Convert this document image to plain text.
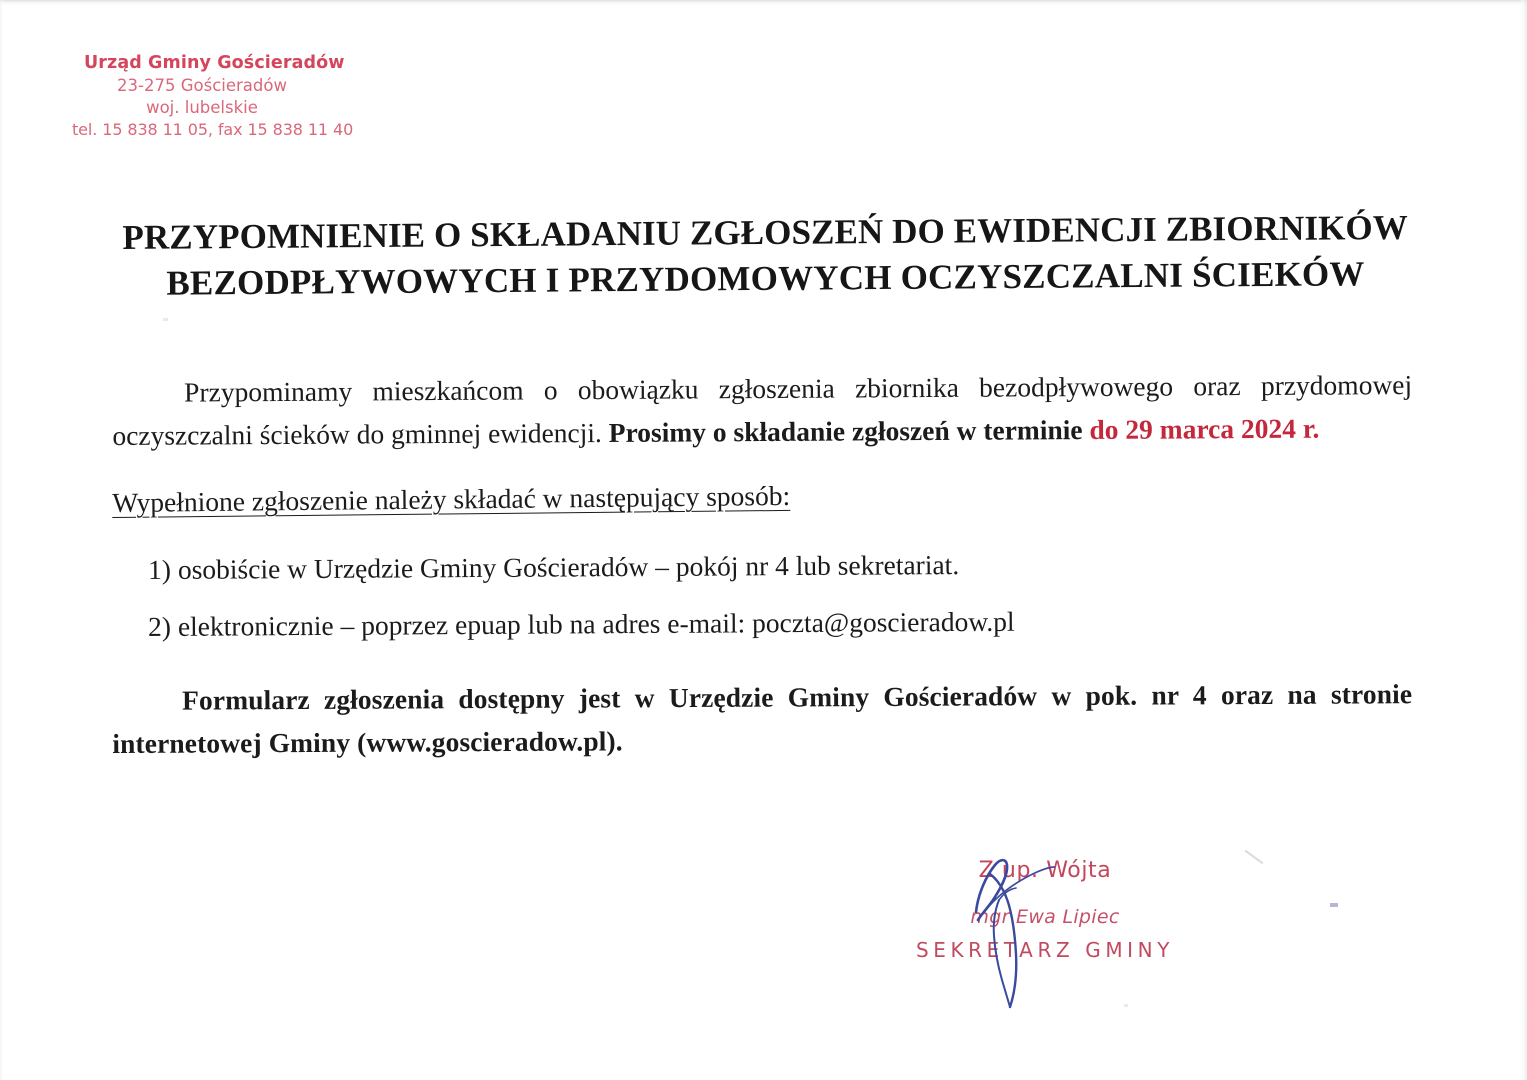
Urząd Gminy Gościeradów
23-275 Gościeradów
woj. lubelskie
tel. 15 838 11 05, fax 15 838 11 40
PRZYPOMNIENIE O SKŁADANIU ZGŁOSZEŃ DO EWIDENCJI ZBIORNIKÓW
BEZODPŁYWOWYCH I PRZYDOMOWYCH OCZYSZCZALNI ŚCIEKÓW

Przypominamy mieszkańcom o obowiązku zgłoszenia zbiornika bezodpływowego oraz przydomowej oczyszczalni ścieków do gminnej ewidencji. Prosimy o składanie zgłoszeń w terminie do 29 marca 2024 r.

Wypełnione zgłoszenie należy składać w następujący sposób:

1) osobiście w Urzędzie Gminy Gościeradów – pokój nr 4 lub sekretariat.
2) elektronicznie – poprzez epuap lub na adres e-mail: poczta@goscieradow.pl

Formularz zgłoszenia dostępny jest w Urzędzie Gminy Gościeradów w pok. nr 4 oraz na stronie internetowej Gminy (www.goscieradow.pl).

Z up. Wójta
mgr Ewa Lipiec
SEKRETARZ GMINY
